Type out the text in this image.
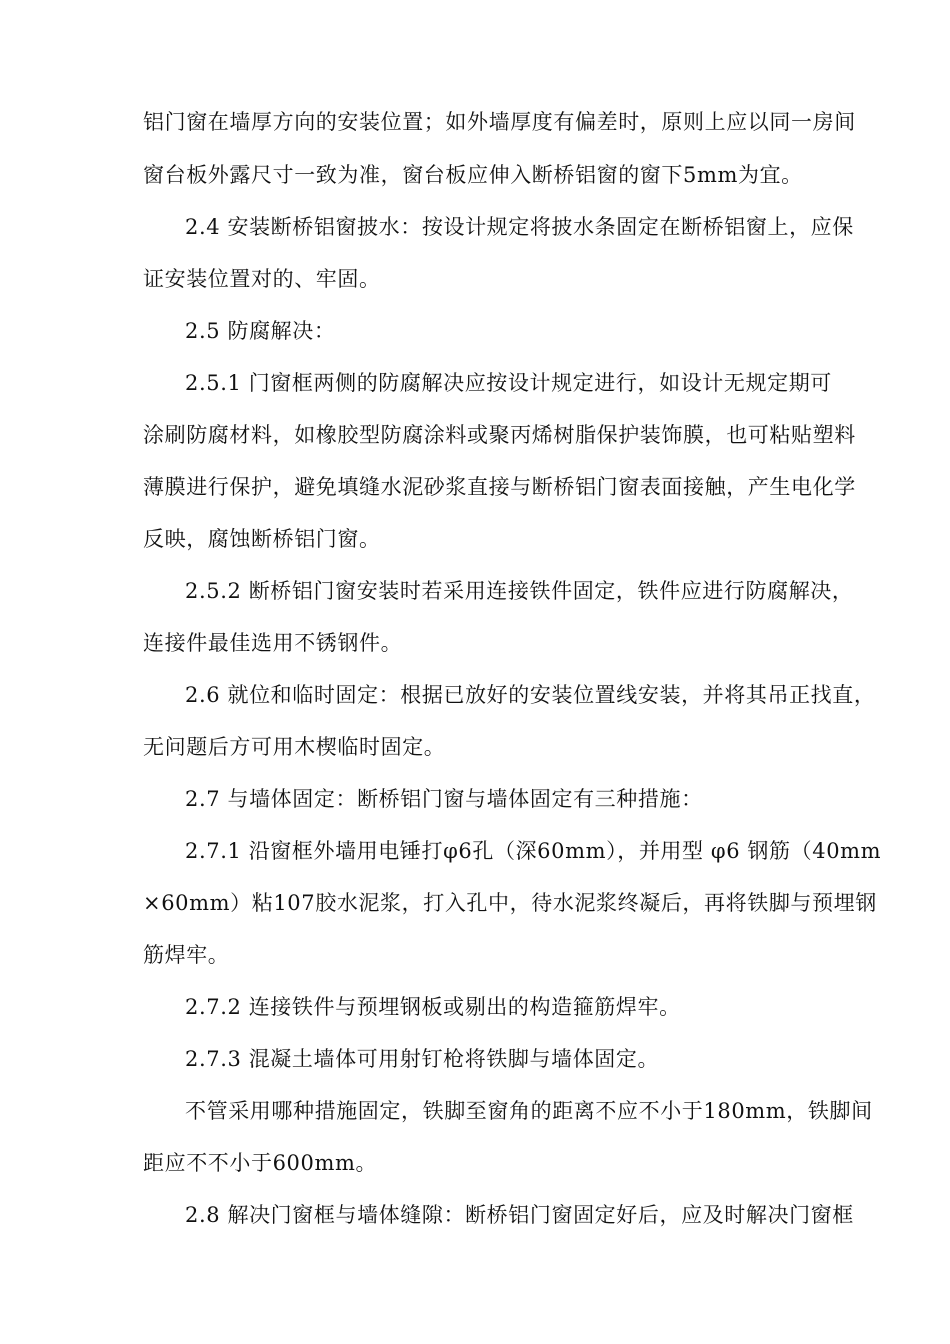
铝门窗在墙厚方向的安装位置；如外墙厚度有偏差时，原则上应以同一房间
窗台板外露尺寸一致为准，窗台板应伸入断桥铝窗的窗下5mm为宜。
2.4 安装断桥铝窗披水：按设计规定将披水条固定在断桥铝窗上，应保
证安装位置对的、牢固。
2.5 防腐解决：
2.5.1 门窗框两侧的防腐解决应按设计规定进行，如设计无规定期可
涂刷防腐材料，如橡胶型防腐涂料或聚丙烯树脂保护装饰膜，也可粘贴塑料
薄膜进行保护，避免填缝水泥砂浆直接与断桥铝门窗表面接触，产生电化学
反映，腐蚀断桥铝门窗。
2.5.2 断桥铝门窗安装时若采用连接铁件固定，铁件应进行防腐解决，
连接件最佳选用不锈钢件。
2.6 就位和临时固定：根据已放好的安装位置线安装，并将其吊正找直，
无问题后方可用木楔临时固定。
2.7 与墙体固定：断桥铝门窗与墙体固定有三种措施：
2.7.1 沿窗框外墙用电锤打φ6孔（深60mm），并用型 φ6 钢筋（40mm
×60mm）粘107胶水泥浆，打入孔中，待水泥浆终凝后，再将铁脚与预埋钢
筋焊牢。
2.7.2 连接铁件与预埋钢板或剔出的构造箍筋焊牢。
2.7.3 混凝土墙体可用射钉枪将铁脚与墙体固定。
不管采用哪种措施固定，铁脚至窗角的距离不应不小于180mm，铁脚间
距应不不小于600mm。
2.8 解决门窗框与墙体缝隙：断桥铝门窗固定好后，应及时解决门窗框
